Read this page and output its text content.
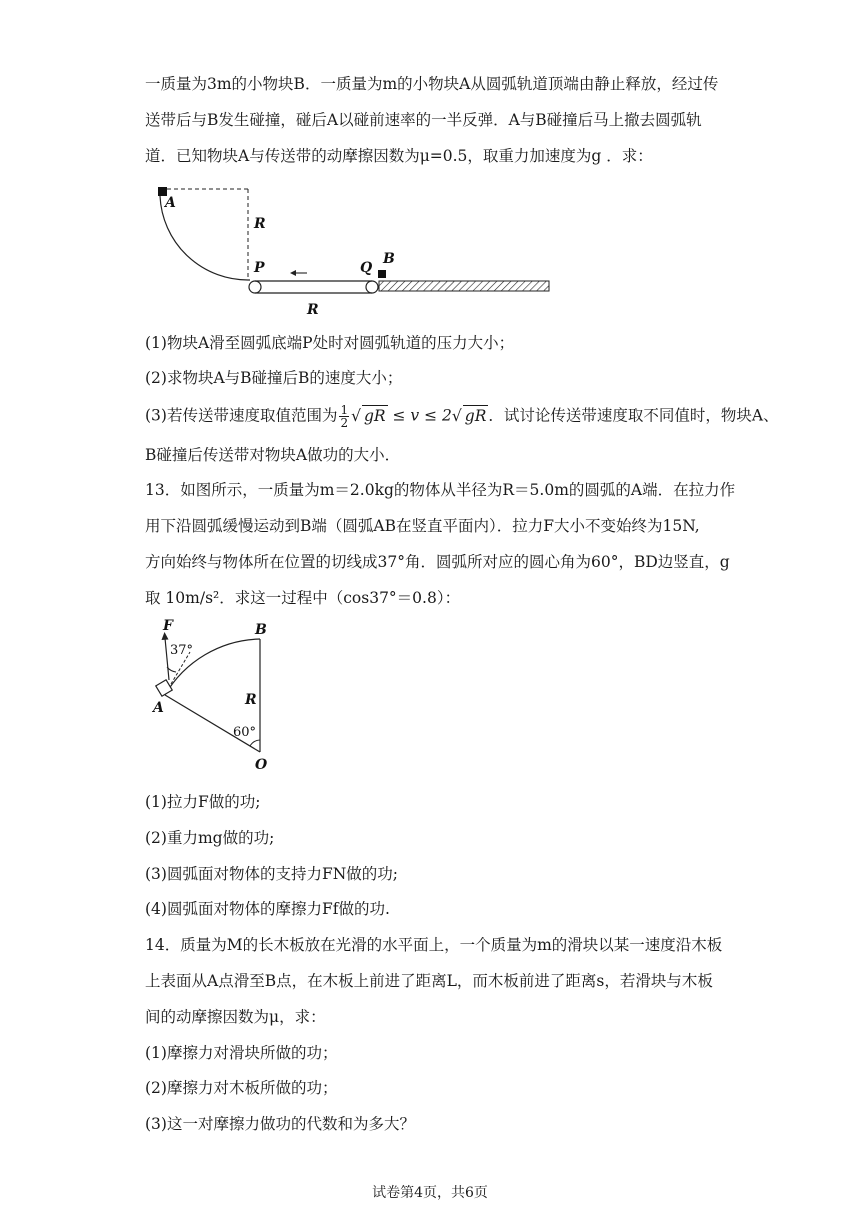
一质量为3m的小物块B．一质量为m的小物块A从圆弧轨道顶端由静止释放，经过传
送带后与B发生碰撞，碰后A以碰前速率的一半反弹．A与B碰撞后马上撤去圆弧轨
道．已知物块A与传送带的动摩擦因数为μ=0.5，取重力加速度为g ．求：
A
R
P	Q
B
R
(1)物块A滑至圆弧底端P处时对圆弧轨道的压力大小；
(2)求物块A与B碰撞后B的速度大小；
(3)若传送带速度取值范围为 $\frac{1}{2}$ √ gR ≤ v ≤ 2√ gR ．试讨论传送带速度取不同值时，物块A、
B碰撞后传送带对物块A做功的大小．
13．如图所示，一质量为m＝2.0kg的物体从半径为R＝5.0m的圆弧的A端．在拉力作
用下沿圆弧缓慢运动到B端（圆弧AB在竖直平面内）．拉力F大小不变始终为15N,
方向始终与物体所在位置的切线成37°角．圆弧所对应的圆心角为60°，BD边竖直，g
取 10m/s²．求这一过程中（cos37°＝0.8）：
F
37°
B
R
A
60°
O
(1)拉力F做的功;
(2)重力mg做的功;
(3)圆弧面对物体的支持力FN做的功;
(4)圆弧面对物体的摩擦力Ff做的功.
14．质量为M的长木板放在光滑的水平面上，一个质量为m的滑块以某一速度沿木板
上表面从A点滑至B点，在木板上前进了距离L，而木板前进了距离s，若滑块与木板
间的动摩擦因数为μ，求：
(1)摩擦力对滑块所做的功；
(2)摩擦力对木板所做的功；
(3)这一对摩擦力做功的代数和为多大？
试卷第4页，共6页
